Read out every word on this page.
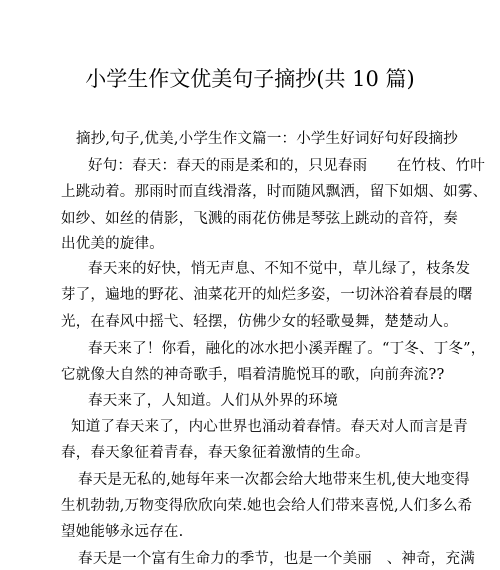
小学生作文优美句子摘抄(共 10 篇)
摘抄,句子,优美,小学生作文篇一：小学生好词好句好段摘抄
好句：春天：春天的雨是柔和的，只见春雨　　在竹枝、竹叶
上跳动着。那雨时而直线滑落，时而随风飘洒，留下如烟、如雾、
如纱、如丝的倩影，飞溅的雨花仿佛是琴弦上跳动的音符，奏
出优美的旋律。
春天来的好快，悄无声息、不知不觉中，草儿绿了，枝条发
芽了，遍地的野花、油菜花开的灿烂多姿，一切沐浴着春晨的曙
光，在春风中摇弋、轻摆，仿佛少女的轻歌曼舞，楚楚动人。
春天来了！你看，融化的冰水把小溪弄醒了。“丁冬、丁冬”，
它就像大自然的神奇歌手，唱着清脆悦耳的歌，向前奔流??
春天来了，人知道。人们从外界的环境
知道了春天来了，内心世界也涌动着春情。春天对人而言是青
春，春天象征着青春，春天象征着激情的生命。
春天是无私的,她每年来一次都会给大地带来生机,使大地变得
生机勃勃,万物变得欣欣向荣.她也会给人们带来喜悦,人们多么希
望她能够永远存在.
春天是一个富有生命力的季节，也是一个美丽　、神奇，充满
